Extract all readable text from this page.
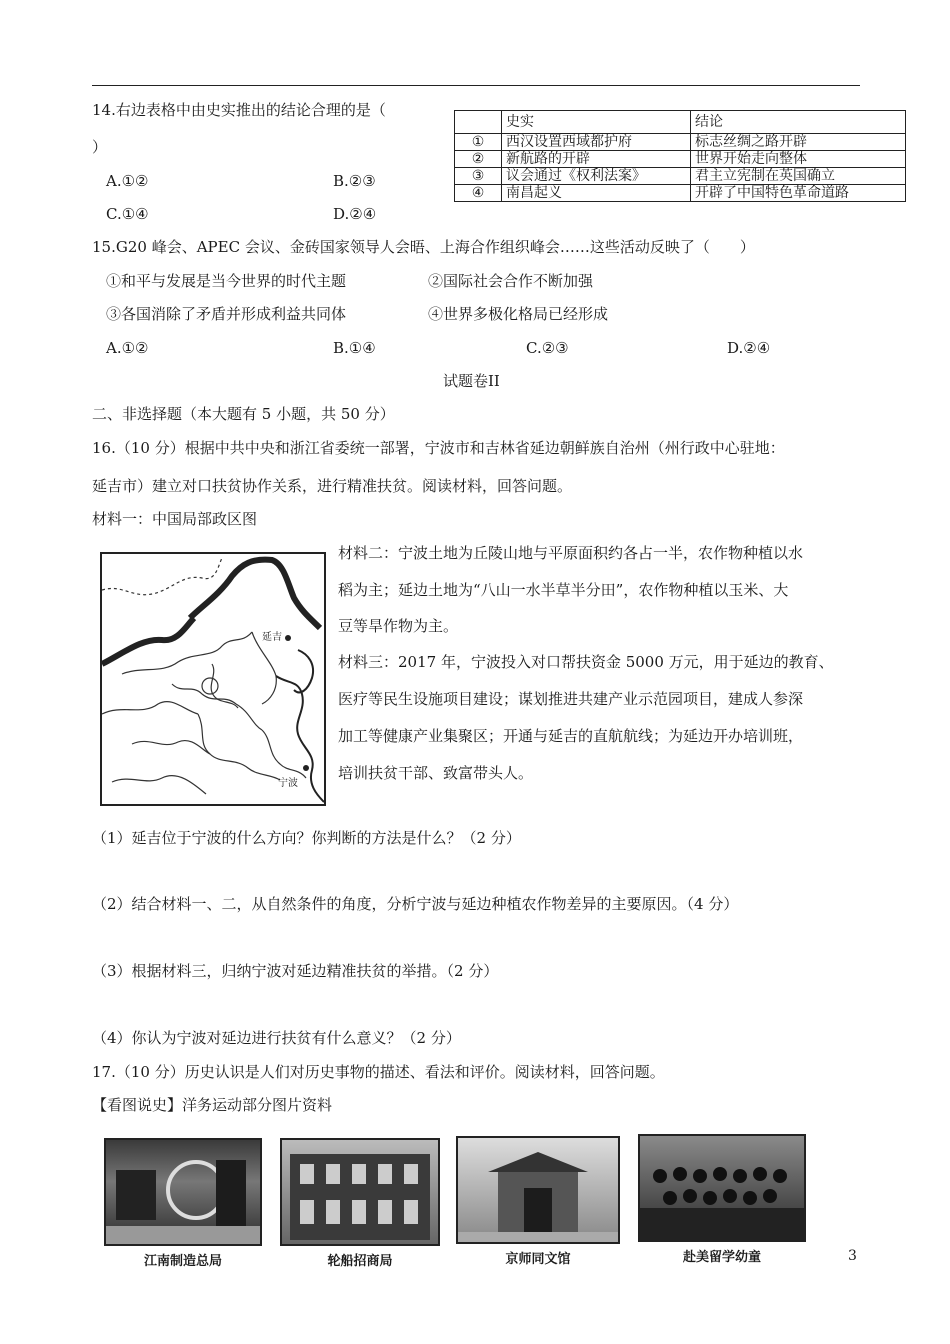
14.右边表格中由史实推出的结论合理的是（
）
A.①②	B.②③
C.①④	D.②④
	史实	结论
①	西汉设置西域都护府	标志丝绸之路开辟
②	新航路的开辟	世界开始走向整体
③	议会通过《权利法案》	君主立宪制在英国确立
④	南昌起义	开辟了中国特色革命道路
15.G20 峰会、APEC 会议、金砖国家领导人会晤、上海合作组织峰会……这些活动反映了（　　）
①和平与发展是当今世界的时代主题	②国际社会合作不断加强
③各国消除了矛盾并形成利益共同体	④世界多极化格局已经形成
A.①②	B.①④	C.②③	D.②④
试题卷II
二、非选择题（本大题有 5 小题，共 50 分）
16.（10 分）根据中共中央和浙江省委统一部署，宁波市和吉林省延边朝鲜族自治州（州行政中心驻地：
延吉市）建立对口扶贫协作关系，进行精准扶贫。阅读材料，回答问题。
材料一：中国局部政区图
延吉
宁波
材料二：宁波土地为丘陵山地与平原面积约各占一半，农作物种植以水
稻为主；延边土地为“八山一水半草半分田”，农作物种植以玉米、大
豆等旱作物为主。
材料三：2017 年，宁波投入对口帮扶资金 5000 万元，用于延边的教育、
医疗等民生设施项目建设；谋划推进共建产业示范园项目，建成人参深
加工等健康产业集聚区；开通与延吉的直航航线；为延边开办培训班，
培训扶贫干部、致富带头人。
（1）延吉位于宁波的什么方向？你判断的方法是什么？（2 分）
（2）结合材料一、二，从自然条件的角度，分析宁波与延边种植农作物差异的主要原因。（4 分）
（3）根据材料三，归纳宁波对延边精准扶贫的举措。（2 分）
（4）你认为宁波对延边进行扶贫有什么意义？（2 分）
17.（10 分）历史认识是人们对历史事物的描述、看法和评价。阅读材料，回答问题。
【看图说史】洋务运动部分图片资料
江南制造总局	轮船招商局	京师同文馆	赴美留学幼童	3
